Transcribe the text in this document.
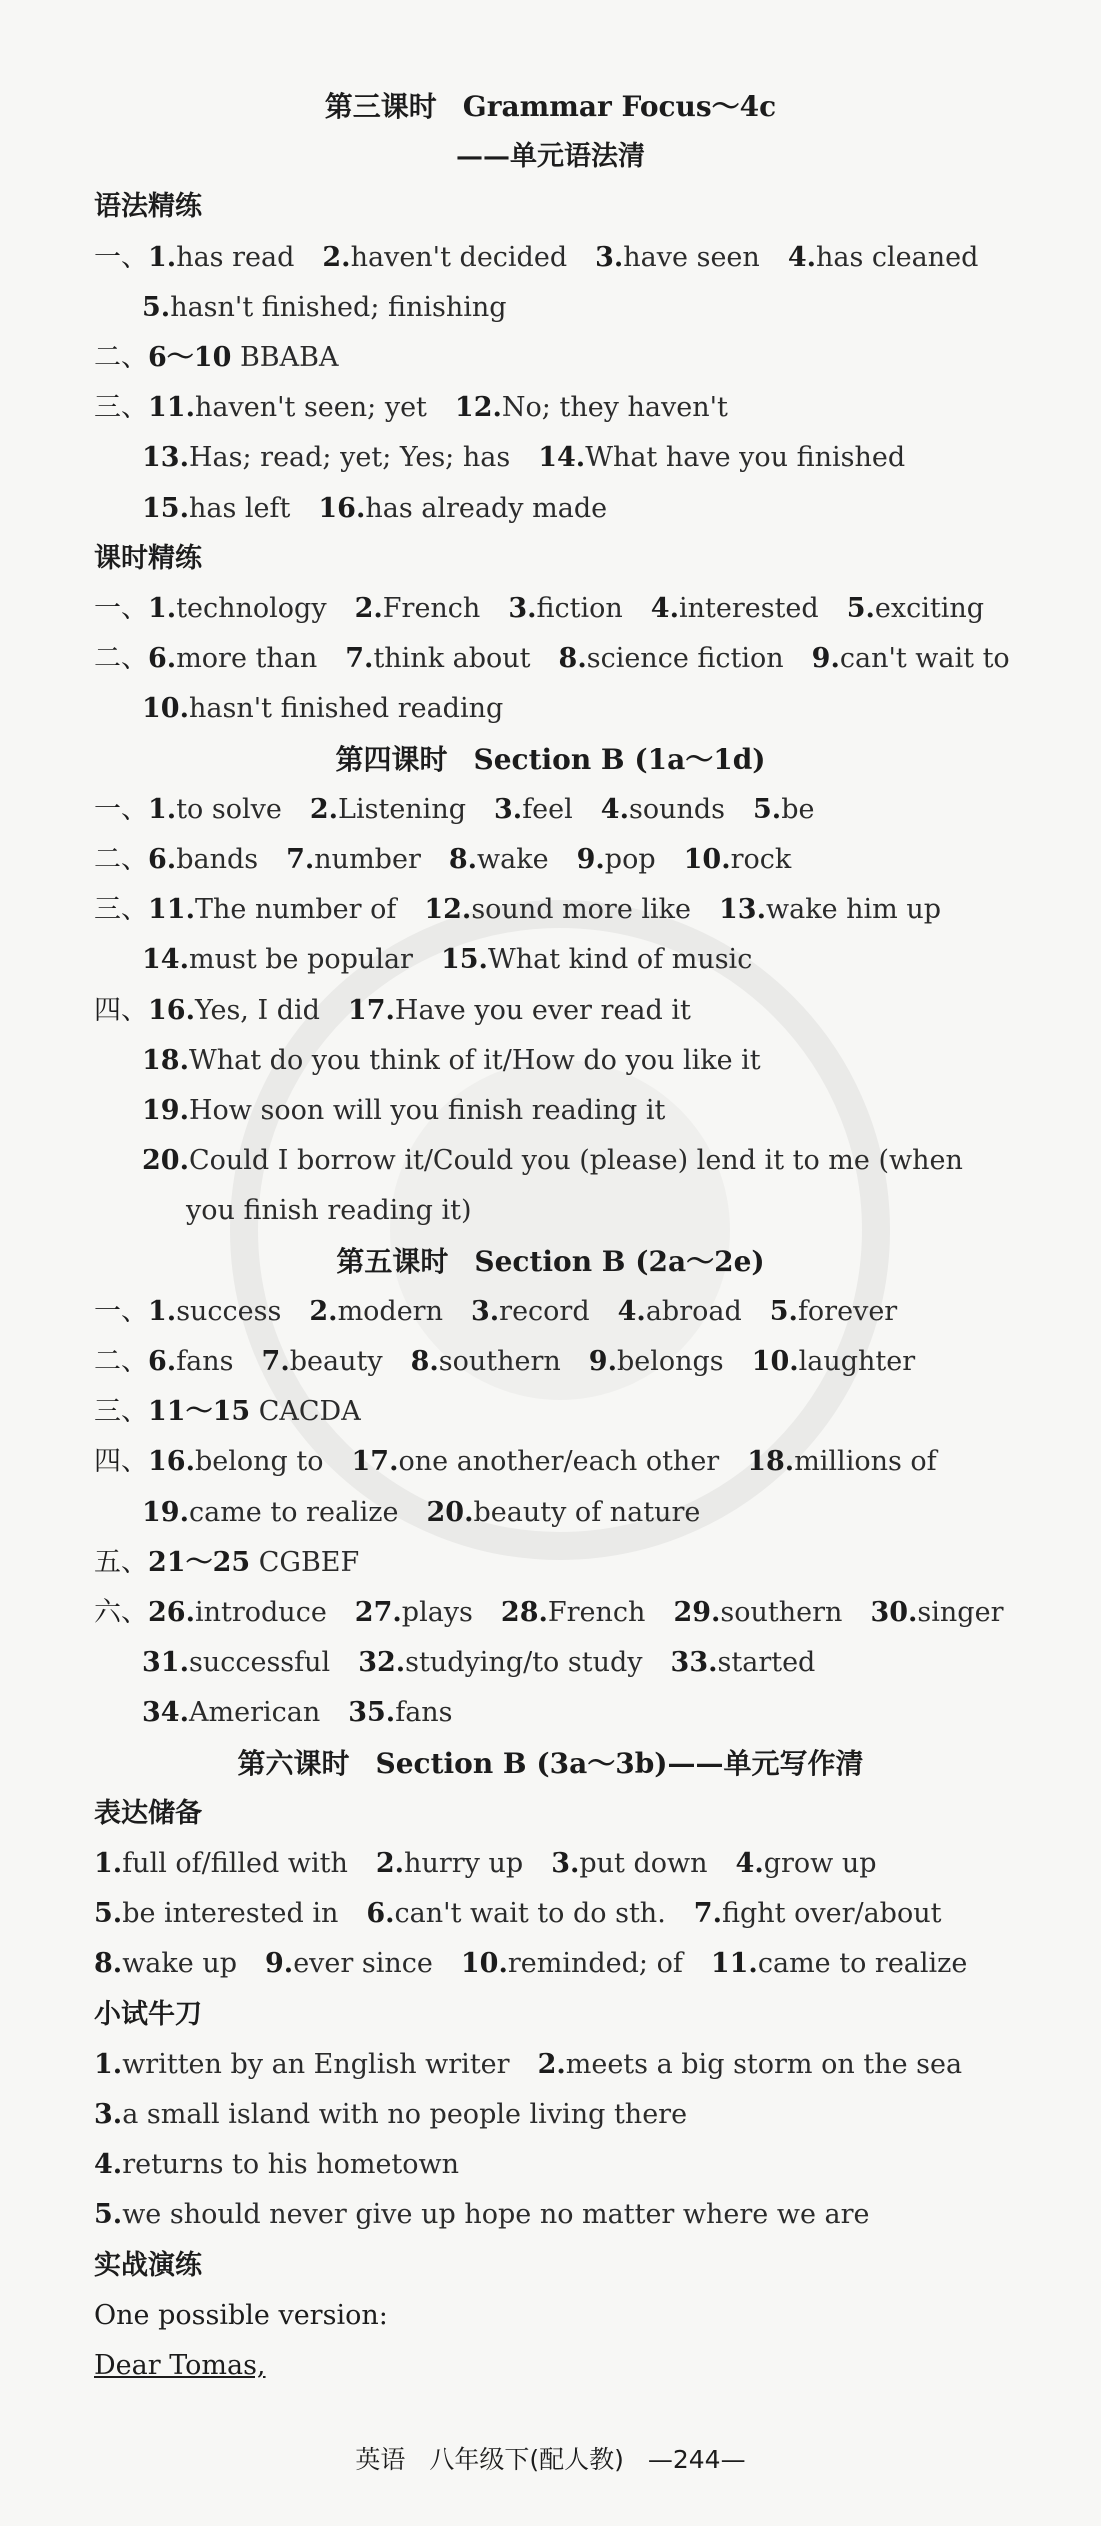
第三课时 Grammar Focus～4c
——单元语法清
语法精练
一、1.has read 2.haven't decided 3.have seen 4.has cleaned
5.hasn't finished; finishing
二、6～10 BBABA
三、11.haven't seen; yet 12.No; they haven't
13.Has; read; yet; Yes; has 14.What have you finished
15.has left 16.has already made
课时精练
一、1.technology 2.French 3.fiction 4.interested 5.exciting
二、6.more than 7.think about 8.science fiction 9.can't wait to
10.hasn't finished reading
第四课时 Section B (1a～1d)
一、1.to solve 2.Listening 3.feel 4.sounds 5.be
二、6.bands 7.number 8.wake 9.pop 10.rock
三、11.The number of 12.sound more like 13.wake him up
14.must be popular 15.What kind of music
四、16.Yes, I did 17.Have you ever read it
18.What do you think of it/How do you like it
19.How soon will you finish reading it
20.Could I borrow it/Could you (please) lend it to me (when
you finish reading it)
第五课时 Section B (2a～2e)
一、1.success 2.modern 3.record 4.abroad 5.forever
二、6.fans 7.beauty 8.southern 9.belongs 10.laughter
三、11～15 CACDA
四、16.belong to 17.one another/each other 18.millions of
19.came to realize 20.beauty of nature
五、21～25 CGBEF
六、26.introduce 27.plays 28.French 29.southern 30.singer
31.successful 32.studying/to study 33.started
34.American 35.fans
第六课时 Section B (3a～3b)——单元写作清
表达储备
1.full of/filled with 2.hurry up 3.put down 4.grow up
5.be interested in 6.can't wait to do sth. 7.fight over/about
8.wake up 9.ever since 10.reminded; of 11.came to realize
小试牛刀
1.written by an English writer 2.meets a big storm on the sea
3.a small island with no people living there
4.returns to his hometown
5.we should never give up hope no matter where we are
实战演练
One possible version:
Dear Tomas,
英语 八年级下(配人教) —244—
